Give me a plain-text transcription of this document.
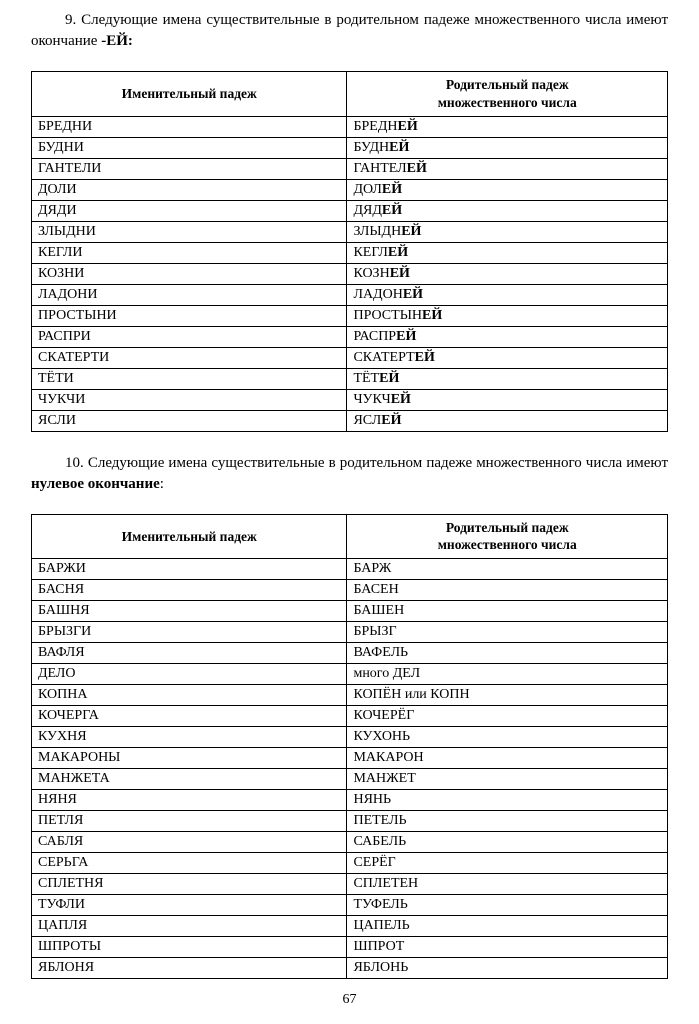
9. Следующие имена существительные в родительном падеже множественного числа имеют окончание -ЕЙ:

Именительный падеж	Родительный падеж
множественного числа
БРЕДНИ	БРЕДНЕЙ
БУДНИ	БУДНЕЙ
ГАНТЕЛИ	ГАНТЕЛЕЙ
ДОЛИ	ДОЛЕЙ
ДЯДИ	ДЯДЕЙ
ЗЛЫДНИ	ЗЛЫДНЕЙ
КЕГЛИ	КЕГЛЕЙ
КОЗНИ	КОЗНЕЙ
ЛАДОНИ	ЛАДОНЕЙ
ПРОСТЫНИ	ПРОСТЫНЕЙ
РАСПРИ	РАСПРЕЙ
СКАТЕРТИ	СКАТЕРТЕЙ
ТЁТИ	ТЁТЕЙ
ЧУКЧИ	ЧУКЧЕЙ
ЯСЛИ	ЯСЛЕЙ

10. Следующие имена существительные в родительном падеже множественного числа имеют нулевое окончание:

Именительный падеж	Родительный падеж
множественного числа
БАРЖИ	БАРЖ
БАСНЯ	БАСЕН
БАШНЯ	БАШЕН
БРЫЗГИ	БРЫЗГ
ВАФЛЯ	ВАФЕЛЬ
ДЕЛО	много ДЕЛ
КОПНА	КОПЁН или КОПН
КОЧЕРГА	КОЧЕРЁГ
КУХНЯ	КУХОНЬ
МАКАРОНЫ	МАКАРОН
МАНЖЕТА	МАНЖЕТ
НЯНЯ	НЯНЬ
ПЕТЛЯ	ПЕТЕЛЬ
САБЛЯ	САБЕЛЬ
СЕРЬГА	СЕРЁГ
СПЛЕТНЯ	СПЛЕТЕН
ТУФЛИ	ТУФЕЛЬ
ЦАПЛЯ	ЦАПЕЛЬ
ШПРОТЫ	ШПРОТ
ЯБЛОНЯ	ЯБЛОНЬ
67
